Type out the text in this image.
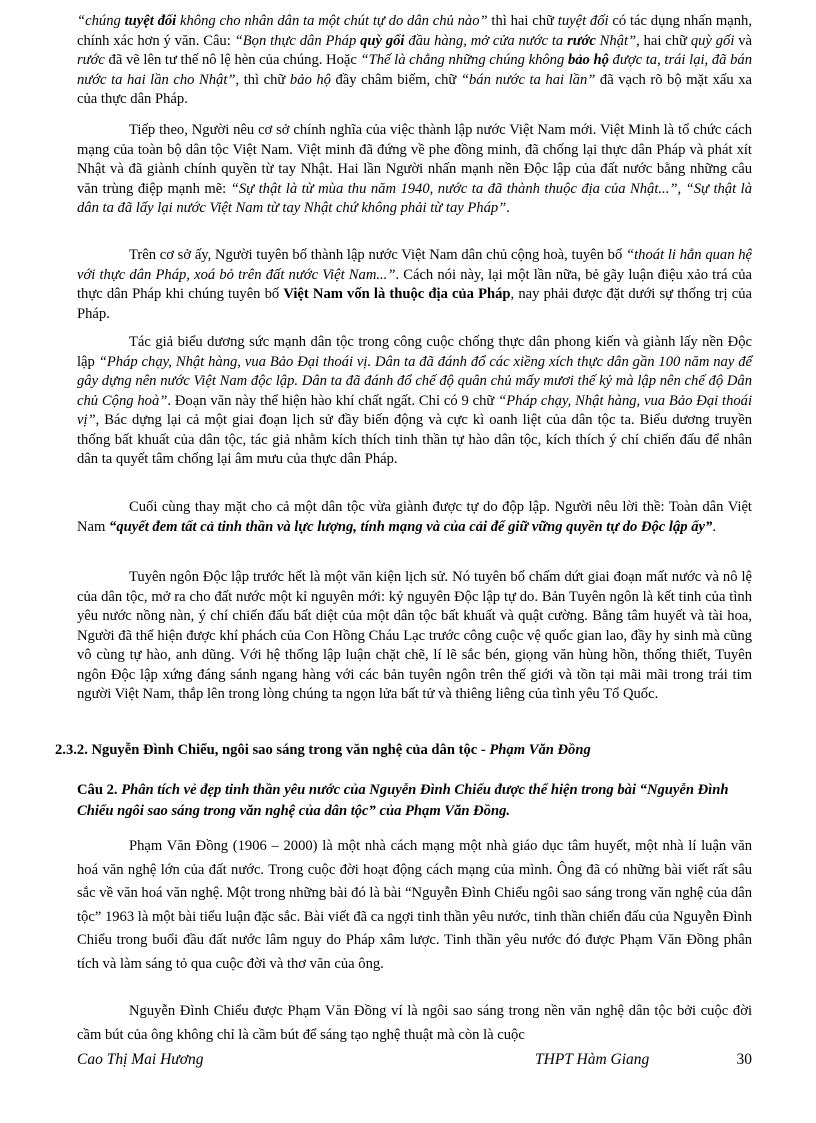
“chúng tuyệt đối không cho nhân dân ta một chút tự do dân chủ nào” thì hai chữ tuyệt đối có tác dụng nhấn mạnh, chính xác hơn ý văn. Câu: “Bọn thực dân Pháp quỳ gối đầu hàng, mở cửa nước ta rước Nhật”, hai chữ quỳ gối và rước đã vẽ lên tư thế nô lệ hèn của chúng. Hoặc “Thế là chẳng những chúng không bảo hộ được ta, trái lại, đã bán nước ta hai lần cho Nhật”, thì chữ bảo hộ đầy châm biếm, chữ “bán nước ta hai lần” đã vạch rõ bộ mặt xấu xa của thực dân Pháp.

Tiếp theo, Người nêu cơ sở chính nghĩa của việc thành lập nước Việt Nam mới. Việt Minh là tổ chức cách mạng của toàn bộ dân tộc Việt Nam. Việt minh đã đứng về phe đồng minh, đã chống lại thực dân Pháp và phát xít Nhật và đã giành chính quyền từ tay Nhật. Hai lần Người nhấn mạnh nền Độc lập của đất nước bằng những câu văn trùng điệp mạnh mẽ: “Sự thật là từ mùa thu năm 1940, nước ta đã thành thuộc địa của Nhật...”, “Sự thật là dân ta đã lấy lại nước Việt Nam từ tay Nhật chứ không phải từ tay Pháp”.

Trên cơ sở ấy, Người tuyên bố thành lập nước Việt Nam dân chủ cộng hoà, tuyên bố “thoát li hẳn quan hệ với thực dân Pháp, xoá bỏ trên đất nước Việt Nam...”. Cách nói này, lại một lần nữa, bẻ gãy luận điệu xảo trá của thực dân Pháp khi chúng tuyên bố Việt Nam vốn là thuộc địa của Pháp, nay phải được đặt dưới sự thống trị của Pháp.

Tác giả biểu dương sức mạnh dân tộc trong công cuộc chống thực dân phong kiến và giành lấy nền Độc lập “Pháp chạy, Nhật hàng, vua Bảo Đại thoái vị. Dân ta đã đánh đổ các xiềng xích thực dân gần 100 năm nay để gây dựng nên nước Việt Nam độc lập. Dân ta đã đánh đổ chế độ quân chủ mấy mươi thế kỷ mà lập nên chế độ Dân chủ Cộng hoà”. Đoạn văn này thể hiện hào khí chất ngất. Chỉ có 9 chữ “Pháp chạy, Nhật hàng, vua Bảo Đại thoái vị”, Bác dựng lại cả một giai đoạn lịch sử đầy biến động và cực kì oanh liệt của dân tộc ta. Biểu dương truyền thống bất khuất của dân tộc, tác giả nhằm kích thích tinh thần tự hào dân tộc, kích thích ý chí chiến đấu để nhân dân ta quyết tâm chống lại âm mưu của thực dân Pháp.

Cuối cùng thay mặt cho cả một dân tộc vừa giành được tự do độp lập. Người nêu lời thề: Toàn dân Việt Nam “quyết đem tất cả tinh thần và lực lượng, tính mạng và của cải để giữ vững quyền tự do Độc lập ấy”.

Tuyên ngôn Độc lập trước hết là một văn kiện lịch sử. Nó tuyên bố chấm dứt giai đoạn mất nước và nô lệ của dân tộc, mở ra cho đất nước một kỉ nguyên mới: kỷ nguyên Độc lập tự do. Bản Tuyên ngôn là kết tinh của tình yêu nước nồng nàn, ý chí chiến đấu bất diệt của một dân tộc bất khuất và quật cường. Bằng tâm huyết và tài hoa, Người đã thể hiện được khí phách của Con Hồng Cháu Lạc trước công cuộc vệ quốc gian lao, đầy hy sinh mà cũng vô cùng tự hào, anh dũng. Với hệ thống lập luận chặt chẽ, lí lẽ sắc bén, giọng văn hùng hồn, thống thiết, Tuyên ngôn Độc lập xứng đáng sánh ngang hàng với các bản tuyên ngôn trên thế giới và tồn tại mãi mãi trong trái tim người Việt Nam, thắp lên trong lòng chúng ta ngọn lửa bất tử và thiêng liêng của tình yêu Tổ Quốc.

2.3.2. Nguyễn Đình Chiểu, ngôi sao sáng trong văn nghệ của dân tộc - Phạm Văn Đồng

Câu 2. Phân tích vẻ đẹp tinh thần yêu nước của Nguyễn Đình Chiểu được thể hiện trong bài “Nguyễn Đình Chiểu ngôi sao sáng trong văn nghệ của dân tộc” của Phạm Văn Đồng.

Phạm Văn Đồng (1906 – 2000) là một nhà cách mạng một nhà giáo dục tâm huyết, một nhà lí luận văn hoá văn nghệ lớn của đất nước. Trong cuộc đời hoạt động cách mạng của mình. Ông đã có những bài viết rất sâu sắc về văn hoá văn nghệ. Một trong những bài đó là bài “Nguyễn Đình Chiểu ngôi sao sáng trong văn nghệ của dân tộc” 1963 là một bài tiểu luận đặc sắc. Bài viết đã ca ngợi tinh thần yêu nước, tinh thần chiến đấu của Nguyễn Đình Chiểu trong buổi đầu đất nước lâm nguy do Pháp xâm lược. Tinh thần yêu nước đó được Phạm Văn Đồng phân tích và làm sáng tỏ qua cuộc đời và thơ văn của ông.

Nguyễn Đình Chiểu được Phạm Văn Đồng ví là ngôi sao sáng trong nền văn nghệ dân tộc bởi cuộc đời cầm bút của ông không chỉ là cầm bút để sáng tạo nghệ thuật mà còn là cuộc

Cao Thị Mai Hương	THPT Hàm Giang	30
